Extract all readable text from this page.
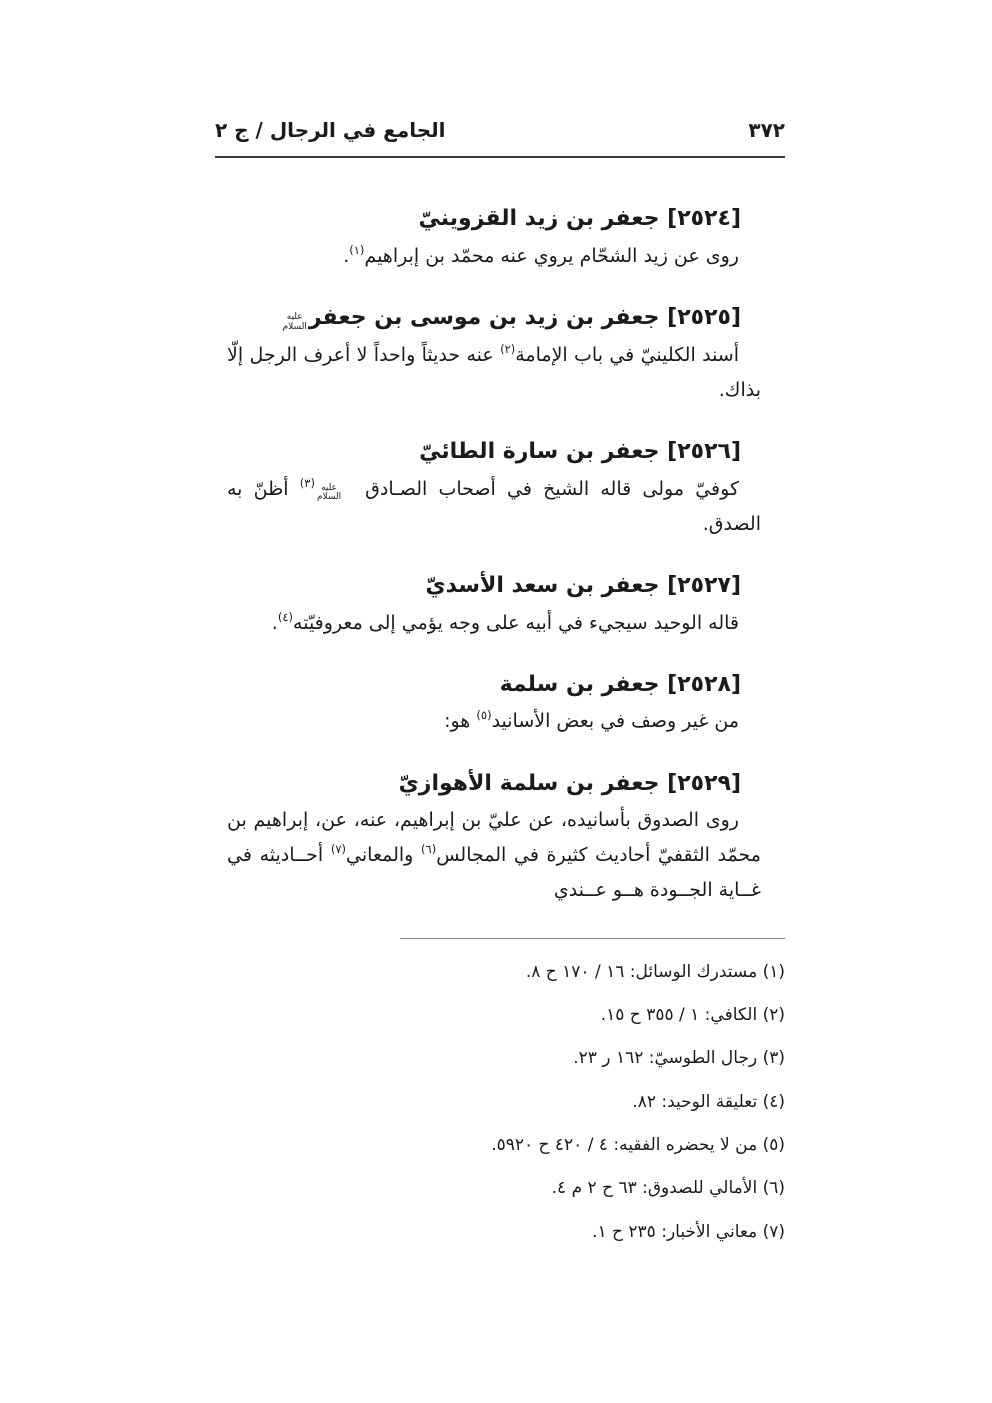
٣٧٢
الجامع في الرجال / ج ٢
[٢٥٢٤] جعفر بن زيد القزوينيّ

روى عن زيد الشحّام يروي عنه محمّد بن إبراهيم$^{(١)}$.

[٢٥٢٥] جعفر بن زيد بن موسى بن جعفر
عليه
السلام

أسند الكلينيّ في باب الإمامة$^{(٢)}$ عنه حديثاً واحداً لا أعرف الرجل إلّا بذاك.

[٢٥٢٦] جعفر بن سارة الطائيّ

كوفيّ مولى قاله الشيخ في أصحاب الصـادق
عليه
السلام
$^{(٣)}$ أظنّ به الصدق.

[٢٥٢٧] جعفر بن سعد الأسديّ

قاله الوحيد سيجيء في أبيه على وجه يؤمي إلى معروفيّته$^{(٤)}$.

[٢٥٢٨] جعفر بن سلمة

من غير وصف في بعض الأسانيد$^{(٥)}$ هو:

[٢٥٢٩] جعفر بن سلمة الأهوازيّ

روى الصدوق بأسانيده، عن عليّ بن إبراهيم، عنه، عن، إبراهيم بن محمّد الثقفيّ أحاديث كثيرة في المجالس$^{(٦)}$ والمعاني$^{(٧)}$ أحــاديثه في غــاية الجــودة هــو عــندي

(١) مستدرك الوسائل: ١٦ / ١٧٠ ح ٨.
(٢) الكافي: ١ / ٣٥٥ ح ١٥.
(٣) رجال الطوسيّ: ١٦٢ ر ٢٣.
(٤) تعليقة الوحيد: ٨٢.
(٥) من لا يحضره الفقيه: ٤ / ٤٢٠ ح ٥٩٢٠.
(٦) الأمالي للصدوق: ٦٣ ح ٢ م ٤.
(٧) معاني الأخبار: ٢٣٥ ح ١.
